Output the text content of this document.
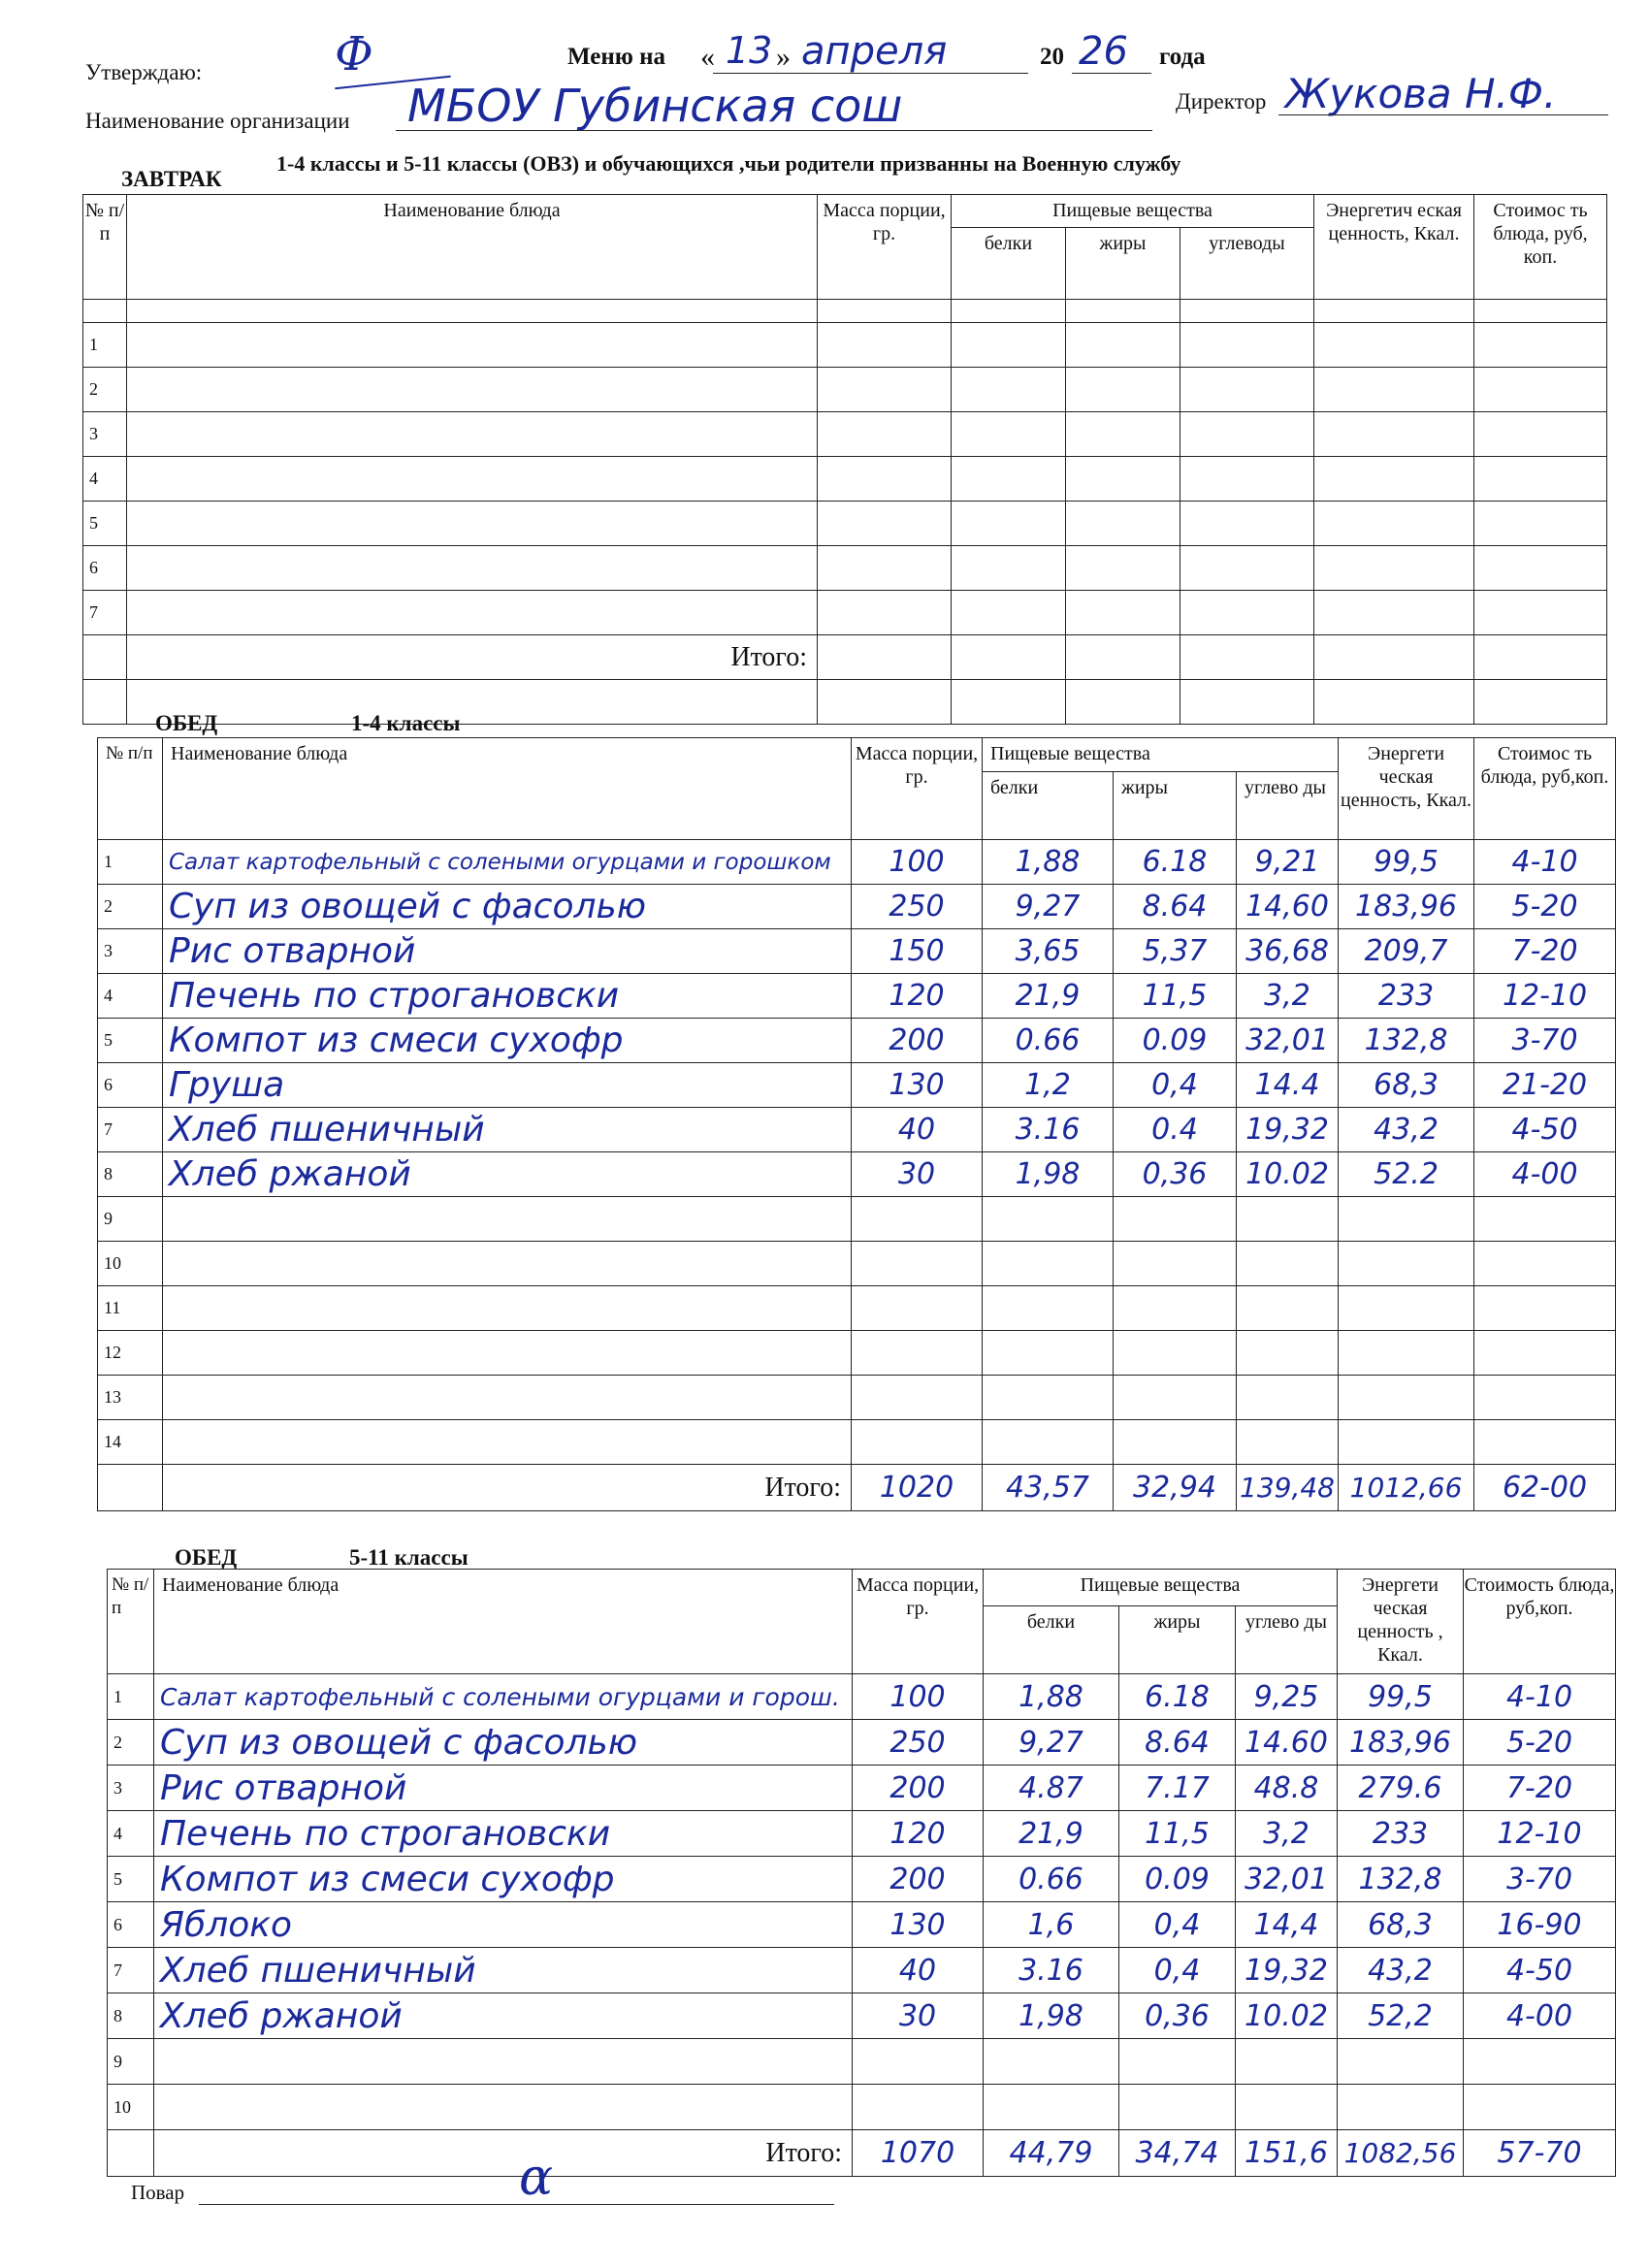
Утверждаю:	Ф	Меню на « 13 » апреля	20 26 года
Наименование организации МБОУ Губинская сош	Директор Жукова Н.Ф.
ЗАВТРАК
1-4 классы и 5-11 классы (ОВЗ) и обучающихся ,чьи родители призванны на Военную службу
№ п/ п	Наименование блюда	Масса порции, гр.	Пищевые вещества			Энергетич еская ценность, Ккал.	Стоимос ть блюда, руб, коп.
			белки	жиры	углеводы		

1							
2							
3							
4							
5							
6							
7							
	Итого:						

ОБЕД	1-4 классы
№ п/п	Наименование блюда	Масса порции, гр.	Пищевые вещества			Энергети ческая ценность, Ккал.	Стоимос ть блюда, руб,коп.
			белки	жиры	углево ды		
1	Салат картофельный с солеными огурцами и горошком	100	1,88	6.18	9,21	99,5	4-10
2	Суп из овощей с фасолью	250	9,27	8.64	14,60	183,96	5-20
3	Рис отварной	150	3,65	5,37	36,68	209,7	7-20
4	Печень по строгановски	120	21,9	11,5	3,2	233	12-10
5	Компот из смеси сухофр	200	0.66	0.09	32,01	132,8	3-70
6	Груша	130	1,2	0,4	14.4	68,3	21-20
7	Хлеб пшеничный	40	3.16	0.4	19,32	43,2	4-50
8	Хлеб ржаной	30	1,98	0,36	10.02	52.2	4-00
9							
10							
11							
12							
13							
14							
	Итого:	1020	43,57	32,94	139,48	1012,66	62-00
ОБЕД	5-11 классы
№ п/ п	Наименование блюда	Масса порции, гр.	Пищевые вещества			Энергети ческая ценность , Ккал.	Стоимость блюда, руб,коп.
			белки	жиры	углево ды		
1	Салат картофельный с солеными огурцами и горош.	100	1,88	6.18	9,25	99,5	4-10
2	Суп из овощей с фасолью	250	9,27	8.64	14.60	183,96	5-20
3	Рис отварной	200	4.87	7.17	48.8	279.6	7-20
4	Печень по строгановски	120	21,9	11,5	3,2	233	12-10
5	Компот из смеси сухофр	200	0.66	0.09	32,01	132,8	3-70
6	Яблоко	130	1,6	0,4	14,4	68,3	16-90
7	Хлеб пшеничный	40	3.16	0,4	19,32	43,2	4-50
8	Хлеб ржаной	30	1,98	0,36	10.02	52,2	4-00
9							
10							
	Итого:	1070	44,79	34,74	151,6	1082,56	57-70
Повар	α
